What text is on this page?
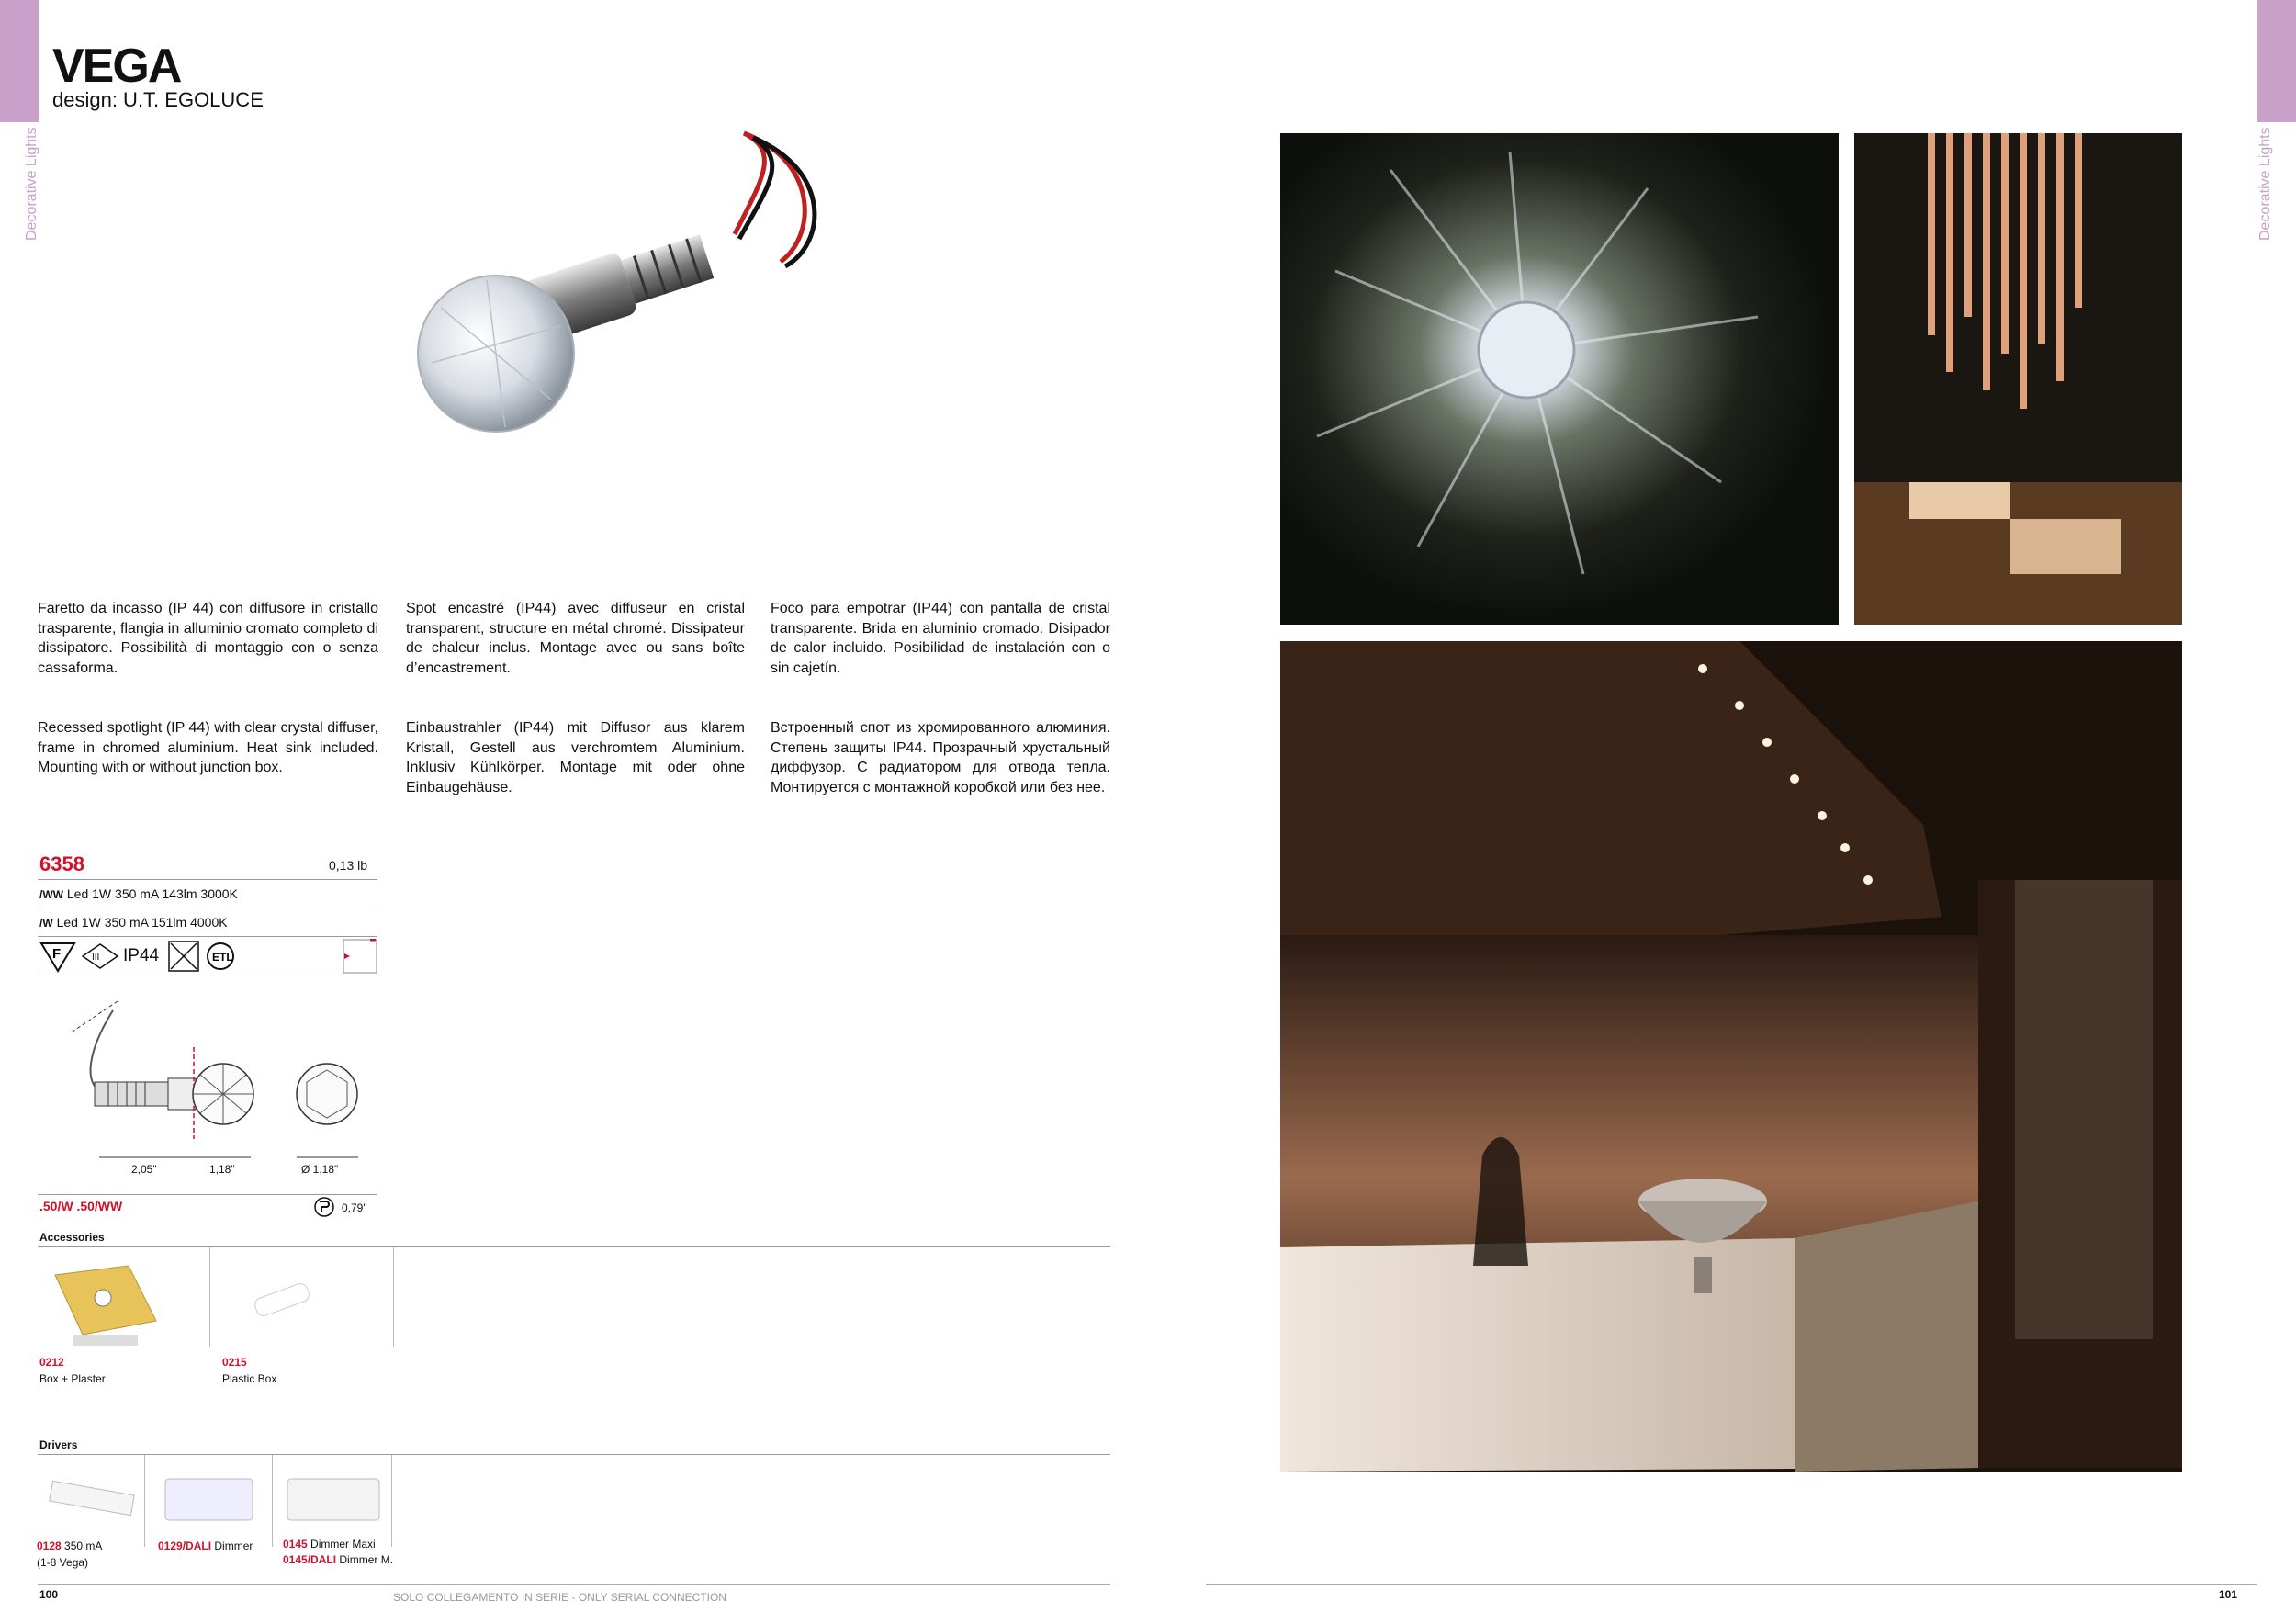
Decorative Lights	Decorative Lights
VEGA
design: U.T. EGOLUCE
Faretto da incasso (IP 44) con diffusore in cristallo trasparente, flangia in alluminio cromato completo di dissipatore. Possibilità di montaggio con o senza cassaforma.
Spot encastré (IP44) avec diffuseur en cristal transparent, structure en métal chromé. Dissipateur de chaleur inclus. Montage avec ou sans boîte d’encastrement.
Foco para empotrar (IP44) con pantalla de cristal transparente. Brida en aluminio cromado. Disipador de calor incluido. Posibilidad de instalación con o sin cajetín.
Recessed spotlight (IP 44) with clear crystal diffuser, frame in chromed aluminium. Heat sink included. Mounting with or without junction box.
Einbaustrahler (IP44) mit Diffusor aus klarem Kristall, Gestell aus verchromtem Aluminium. Inklusiv Kühlkörper. Montage mit oder ohne Einbaugehäuse.
Встроенный спот из хромированного алюминия. Степень защиты IP44. Прозрачный хрустальный диффузор. С радиатором для отвода тепла. Монтируется с монтажной коробкой или без нее.
6358	0,13 lb
/WW Led 1W 350 mA 143lm 3000K
/W Led 1W 350 mA 151lm 4000K
F	III IP44	ETL
2,05"	1,18"	Ø 1,18"
.50/W .50/WW	0,79"
Accessories
0212
Box + Plaster
0215
Plastic Box
Drivers
0128 350 mA
(1-8 Vega)
0129/DALI Dimmer	0145 Dimmer Maxi
0145/DALI Dimmer M.
100	SOLO COLLEGAMENTO IN SERIE - ONLY SERIAL CONNECTION	101
